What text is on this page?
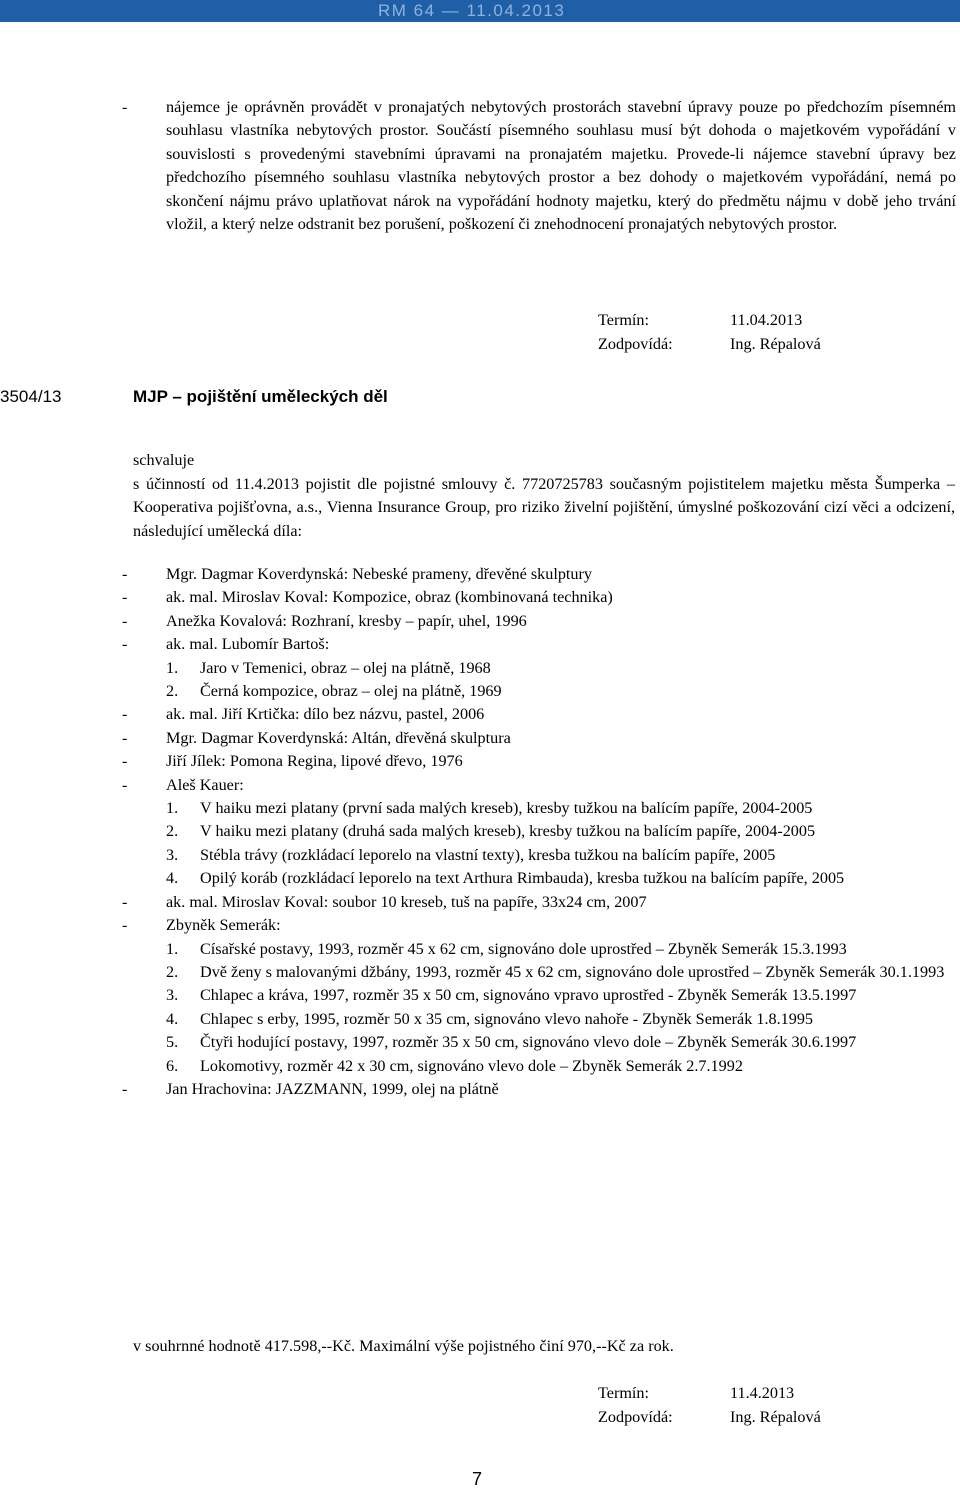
RM 64 — 11.04.2013
- nájemce je oprávněn provádět v pronajatých nebytových prostorách stavební úpravy pouze po předchozím písemném souhlasu vlastníka nebytových prostor. Součástí písemného souhlasu musí být dohoda o majetkovém vypořádání v souvislosti s provedenými stavebními úpravami na pronajatém majetku. Provede-li nájemce stavební úpravy bez předchozího písemného souhlasu vlastníka nebytových prostor a bez dohody o majetkovém vypořádání, nemá po skončení nájmu právo uplatňovat nárok na vypořádání hodnoty majetku, který do předmětu nájmu v době jeho trvání vložil, a který nelze odstranit bez porušení, poškození či znehodnocení pronajatých nebytových prostor.
Termín:	11.04.2013
Zodpovídá:	Ing. Répalová
3504/13	MJP – pojištění uměleckých děl
schvaluje
s účinností od 11.4.2013 pojistit dle pojistné smlouvy č. 7720725783 současným pojistitelem majetku města Šumperka – Kooperativa pojišťovna, a.s., Vienna Insurance Group, pro riziko živelní pojištění, úmyslné poškozování cizí věci a odcizení, následující umělecká díla:
- Mgr. Dagmar Koverdynská: Nebeské prameny, dřevěné skulptury
- ak. mal. Miroslav Koval: Kompozice, obraz (kombinovaná technika)
- Anežka Kovalová: Rozhraní, kresby – papír, uhel, 1996
- ak. mal. Lubomír Bartoš:
1. Jaro v Temenici, obraz – olej na plátně, 1968
2. Černá kompozice, obraz – olej na plátně, 1969
- ak. mal. Jiří Krtička: dílo bez názvu, pastel, 2006
- Mgr. Dagmar Koverdynská: Altán, dřevěná skulptura
- Jiří Jílek: Pomona Regina, lipové dřevo, 1976
- Aleš Kauer:
1. V haiku mezi platany (první sada malých kreseb), kresby tužkou na balícím papíře, 2004-2005
2. V haiku mezi platany (druhá sada malých kreseb), kresby tužkou na balícím papíře, 2004-2005
3. Stébla trávy (rozkládací leporelo na vlastní texty), kresba tužkou na balícím papíře, 2005
4. Opilý koráb (rozkládací leporelo na text Arthura Rimbauda), kresba tužkou na balícím papíře, 2005
- ak. mal. Miroslav Koval: soubor 10 kreseb, tuš na papíře, 33x24 cm, 2007
- Zbyněk Semerák:
1. Císařské postavy, 1993, rozměr 45 x 62 cm, signováno dole uprostřed – Zbyněk Semerák 15.3.1993
2. Dvě ženy s malovanými džbány, 1993, rozměr 45 x 62 cm, signováno dole uprostřed – Zbyněk Semerák 30.1.1993
3. Chlapec a kráva, 1997, rozměr 35 x 50 cm, signováno vpravo uprostřed - Zbyněk Semerák 13.5.1997
4. Chlapec s erby, 1995, rozměr 50 x 35 cm, signováno vlevo nahoře - Zbyněk Semerák 1.8.1995
5. Čtyři hodující postavy, 1997, rozměr 35 x 50 cm, signováno vlevo dole – Zbyněk Semerák 30.6.1997
6. Lokomotivy, rozměr 42 x 30 cm, signováno vlevo dole – Zbyněk Semerák 2.7.1992
- Jan Hrachovina: JAZZMANN, 1999, olej na plátně
v souhrnné hodnotě 417.598,--Kč. Maximální výše pojistného činí 970,--Kč za rok.
Termín:	11.4.2013
Zodpovídá:	Ing. Répalová
7
